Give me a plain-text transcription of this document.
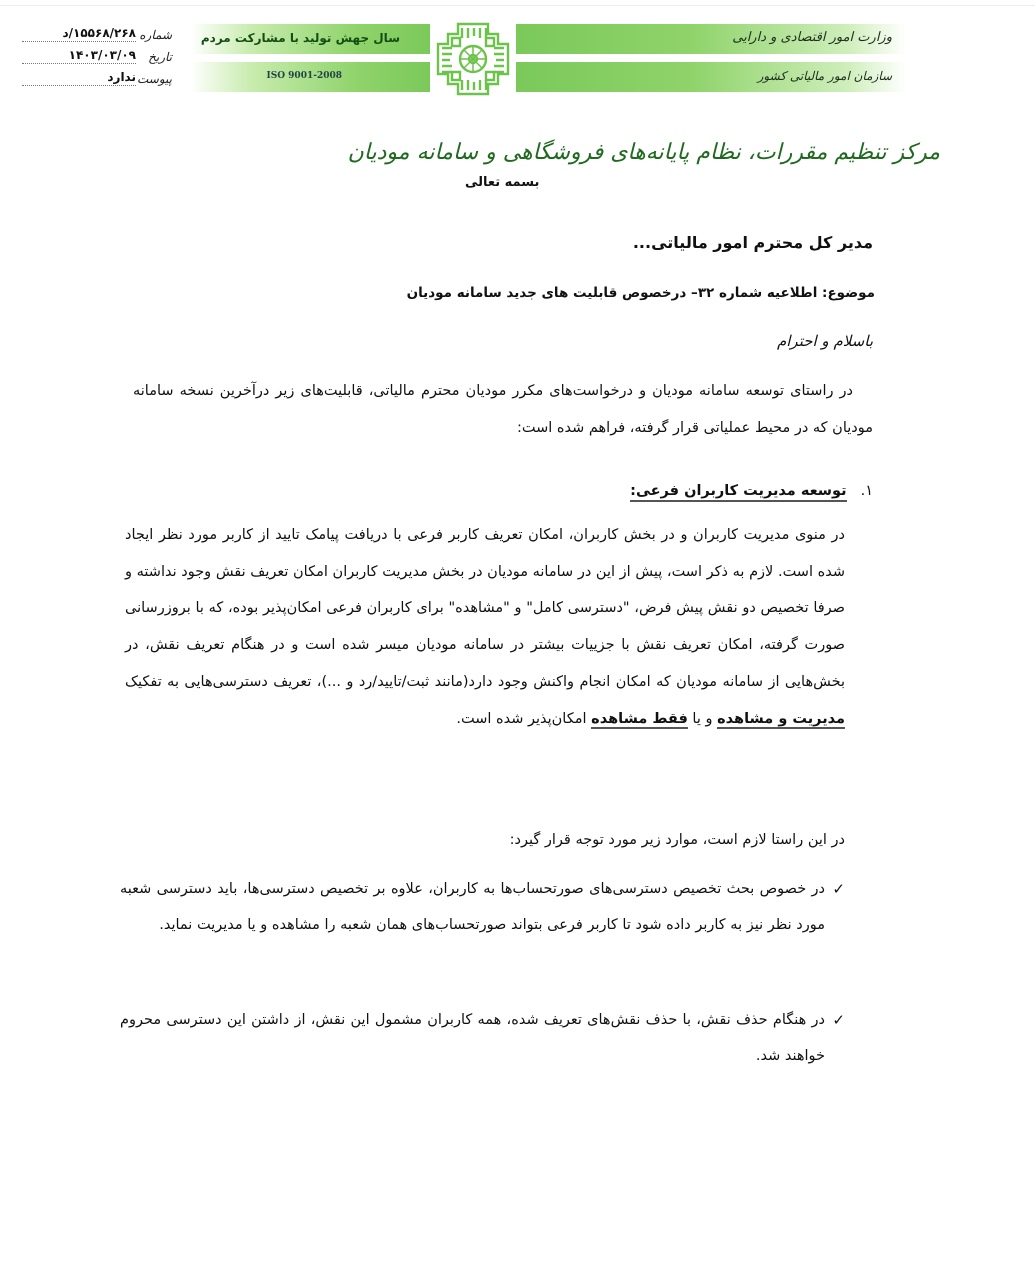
شماره
۱۵۵۶۸/۲۶۸/د
تاریخ
۱۴۰۳/۰۳/۰۹
پیوست
ندارد
سال جهش تولید با مشارکت مردم
ISO 9001-2008
وزارت امور اقتصادی و دارایی
سازمان امور مالیاتی کشور
مرکز تنظیم مقررات، نظام پایانه‌های فروشگاهی و سامانه مودیان
بسمه تعالی
مدیر کل محترم امور مالیاتی...
موضوع: اطلاعیه شماره ۳۲– درخصوص قابلیت های جدید سامانه مودیان
باسلام و احترام
در راستای توسعه سامانه مودیان و درخواست‌های مکرر مودیان محترم مالیاتی، قابلیت‌های زیر درآخرین نسخه سامانه مودیان که در محیط عملیاتی قرار گرفته، فراهم شده است:
۱.توسعه مدیریت کاربران فرعی:
در منوی مدیریت کاربران و در بخش کاربران، امکان تعریف کاربر فرعی با دریافت پیامک تایید از کاربر مورد نظر ایجاد شده است. لازم به ذکر است، پیش از این در سامانه مودیان در بخش مدیریت کاربران امکان تعریف نقش وجود نداشته و صرفا تخصیص دو نقش پیش فرض، "دسترسی کامل" و "مشاهده" برای کاربران فرعی امکان‌پذیر بوده، که با بروزرسانی صورت گرفته، امکان تعریف نقش با جزییات بیشتر در سامانه مودیان میسر شده است و در هنگام تعریف نقش، در بخش‌هایی از سامانه مودیان که امکان انجام واکنش وجود دارد(مانند ثبت/تایید/رد و ...)، تعریف دسترسی‌هایی به تفکیک مدیریت و مشاهده و یا فقط مشاهده امکان‌پذیر شده است.
در این راستا لازم است، موارد زیر مورد توجه قرار گیرد:
✓
در خصوص بحث تخصیص دسترسی‌های صورتحساب‌ها به کاربران، علاوه بر تخصیص دسترسی‌ها، باید دسترسی شعبه مورد نظر نیز به کاربر داده شود تا کاربر فرعی بتواند صورتحساب‌های همان شعبه را مشاهده و یا مدیریت نماید.
✓
در هنگام حذف نقش، با حذف نقش‌های تعریف شده، همه کاربران مشمول این نقش، از داشتن این دسترسی محروم خواهند شد.
